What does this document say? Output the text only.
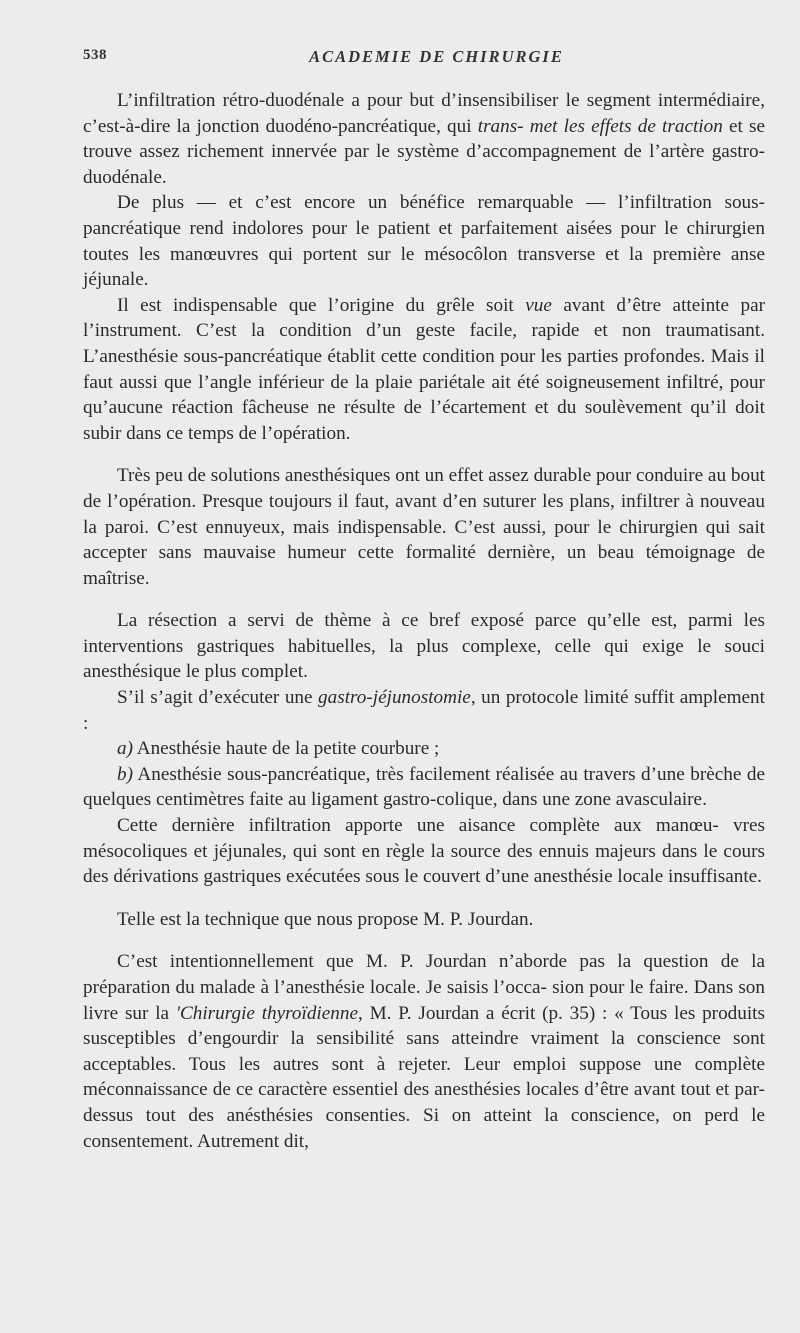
538	ACADEMIE DE CHIRURGIE

L’infiltration rétro-duodénale a pour but d’insensibiliser le segment intermédiaire, c’est-à-dire la jonction duodéno-pancréatique, qui trans- met les effets de traction et se trouve assez richement innervée par le système d’accompagnement de l’artère gastro-duodénale.

De plus — et c’est encore un bénéfice remarquable — l’infiltration sous-pancréatique rend indolores pour le patient et parfaitement aisées pour le chirurgien toutes les manœuvres qui portent sur le mésocôlon transverse et la première anse jéjunale.

Il est indispensable que l’origine du grêle soit vue avant d’être atteinte par l’instrument. C’est la condition d’un geste facile, rapide et non traumatisant. L’anesthésie sous-pancréatique établit cette condition pour les parties profondes. Mais il faut aussi que l’angle inférieur de la plaie pariétale ait été soigneusement infiltré, pour qu’aucune réaction fâcheuse ne résulte de l’écartement et du soulèvement qu’il doit subir dans ce temps de l’opération.

Très peu de solutions anesthésiques ont un effet assez durable pour conduire au bout de l’opération. Presque toujours il faut, avant d’en suturer les plans, infiltrer à nouveau la paroi. C’est ennuyeux, mais indispensable. C’est aussi, pour le chirurgien qui sait accepter sans mauvaise humeur cette formalité dernière, un beau témoignage de maîtrise.

La résection a servi de thème à ce bref exposé parce qu’elle est, parmi les interventions gastriques habituelles, la plus complexe, celle qui exige le souci anesthésique le plus complet.

S’il s’agit d’exécuter une gastro-jéjunostomie, un protocole limité suffit amplement :

a) Anesthésie haute de la petite courbure ;

b) Anesthésie sous-pancréatique, très facilement réalisée au travers d’une brèche de quelques centimètres faite au ligament gastro-colique, dans une zone avasculaire.

Cette dernière infiltration apporte une aisance complète aux manœu- vres mésocoliques et jéjunales, qui sont en règle la source des ennuis majeurs dans le cours des dérivations gastriques exécutées sous le couvert d’une anesthésie locale insuffisante.

Telle est la technique que nous propose M. P. Jourdan.

C’est intentionnellement que M. P. Jourdan n’aborde pas la question de la préparation du malade à l’anesthésie locale. Je saisis l’occa- sion pour le faire. Dans son livre sur la 'Chirurgie thyroïdienne, M. P. Jourdan a écrit (p. 35) : « Tous les produits susceptibles d’engourdir la sensibilité sans atteindre vraiment la conscience sont acceptables. Tous les autres sont à rejeter. Leur emploi suppose une complète méconnaissance de ce caractère essentiel des anesthésies locales d’être avant tout et par-dessus tout des anésthésies consenties. Si on atteint la conscience, on perd le consentement. Autrement dit,
